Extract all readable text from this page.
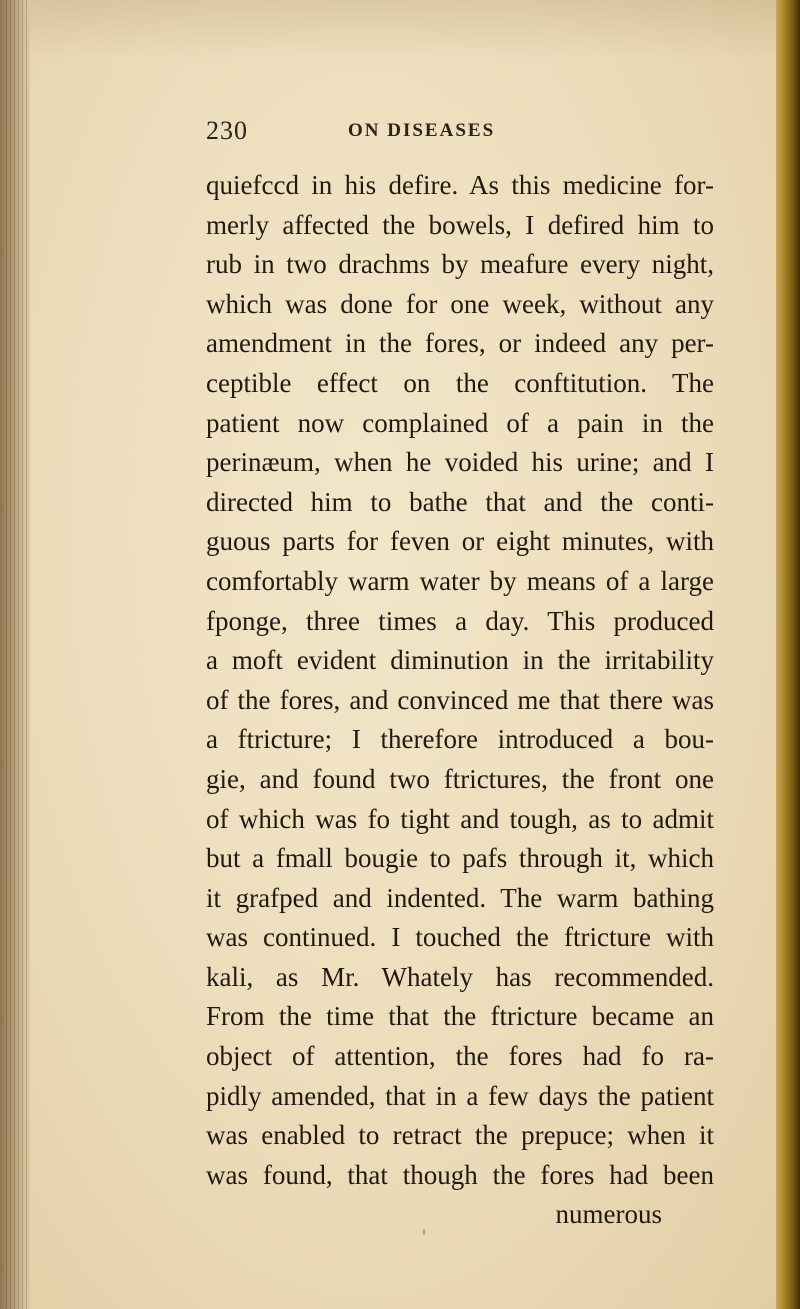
230	ON DISEASES
quiefccd in his defire. As this medicine for-
merly affected the bowels, I defired him to
rub in two drachms by meafure every night,
which was done for one week, without any
amendment in the fores, or indeed any per-
ceptible effect on the conftitution. The
patient now complained of a pain in the
perinæum, when he voided his urine; and I
directed him to bathe that and the conti-
guous parts for feven or eight minutes, with
comfortably warm water by means of a large
fponge, three times a day. This produced
a moft evident diminution in the irritability
of the fores, and convinced me that there was
a ftricture; I therefore introduced a bou-
gie, and found two ftrictures, the front one
of which was fo tight and tough, as to admit
but a fmall bougie to pafs through it, which
it grafped and indented. The warm bathing
was continued. I touched the ftricture with
kali, as Mr. Whately has recommended.
From the time that the ftricture became an
object of attention, the fores had fo ra-
pidly amended, that in a few days the patient
was enabled to retract the prepuce; when it
was found, that though the fores had been
numerous
